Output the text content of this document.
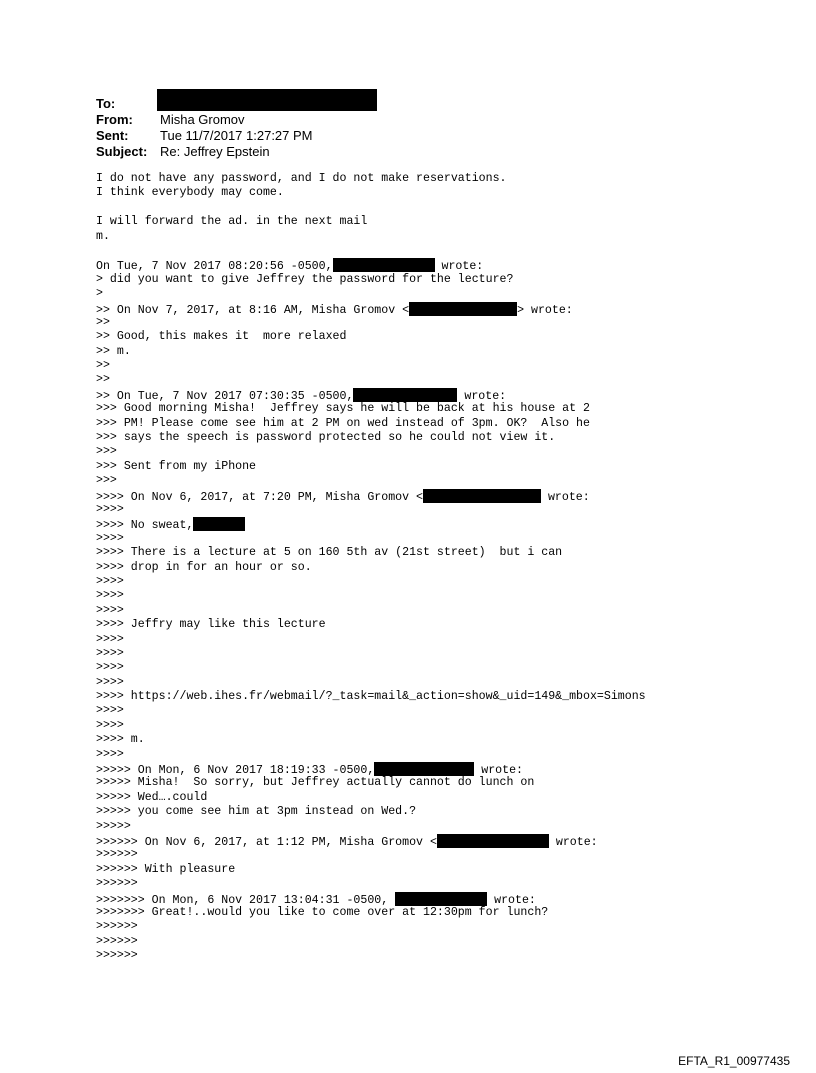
To:
From: Misha Gromov
Sent: Tue 11/7/2017 1:27:27 PM
Subject: Re: Jeffrey Epstein
I do not have any password, and I do not make reservations.
I think everybody may come.
I will forward the ad. in the next mail
m.
On Tue, 7 Nov 2017 08:20:56 -0500,	wrote:
> did you want to give Jeffrey the password for the lecture?
>
>> On Nov 7, 2017, at 8:16 AM, Misha Gromov <	> wrote:
>>
>> Good, this makes it  more relaxed
>> m.
>>
>>
>> On Tue, 7 Nov 2017 07:30:35 -0500,	wrote:
>>> Good morning Misha!  Jeffrey says he will be back at his house at 2
>>> PM! Please come see him at 2 PM on wed instead of 3pm. OK?  Also he
>>> says the speech is password protected so he could not view it.
>>>
>>> Sent from my iPhone
>>>
>>>> On Nov 6, 2017, at 7:20 PM, Misha Gromov <	wrote:
>>>>
>>>> No sweat,
>>>>
>>>> There is a lecture at 5 on 160 5th av (21st street)  but i can
>>>> drop in for an hour or so.
>>>>
>>>>
>>>>
>>>> Jeffry may like this lecture
>>>>
>>>>
>>>>
>>>>
>>>> https://web.ihes.fr/webmail/?_task=mail&_action=show&_uid=149&_mbox=Simons
>>>>
>>>>
>>>> m.
>>>>
>>>>> On Mon, 6 Nov 2017 18:19:33 -0500,	wrote:
>>>>> Misha!  So sorry, but Jeffrey actually cannot do lunch on
>>>>> Wed….could
>>>>> you come see him at 3pm instead on Wed.?
>>>>>
>>>>>> On Nov 6, 2017, at 1:12 PM, Misha Gromov <	wrote:
>>>>>>
>>>>>> With pleasure
>>>>>>
>>>>>>> On Mon, 6 Nov 2017 13:04:31 -0500,	wrote:
>>>>>>> Great!..would you like to come over at 12:30pm for lunch?
>>>>>>
>>>>>>
>>>>>>
EFTA_R1_00977435
